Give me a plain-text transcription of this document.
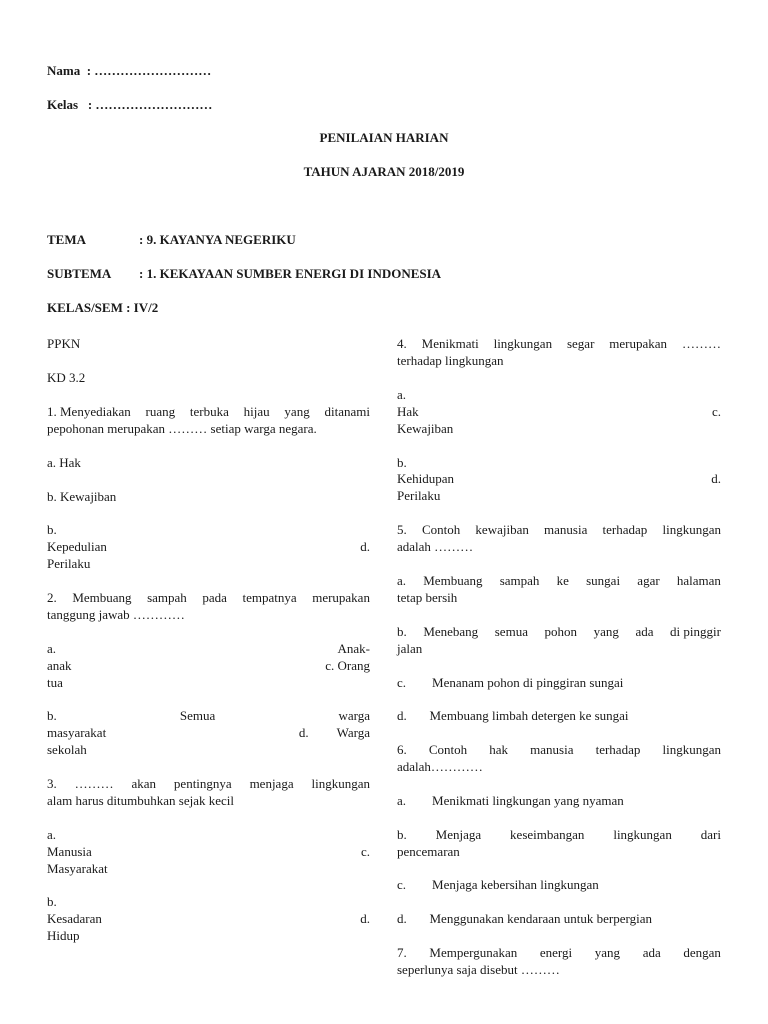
Nama : ………………………
Kelas : ………………………
PENILAIAN HARIAN
TAHUN AJARAN 2018/2019
TEMA	: 9. KAYANYA NEGERIKU
SUBTEMA : 1. KEKAYAAN SUMBER ENERGI DI INDONESIA
KELAS/SEM : IV/2
PPKN
KD 3.2
1. Menyediakan ruang terbuka hijau yang ditanami
pepohonan merupakan ……… setiap warga negara.
a. Hak
b. Kewajiban
b.
Kepedulian	d.
Perilaku
2. Membuang sampah pada tempatnya merupakan
tanggung jawab …………
a.	Anak-
anak	c. Orang
tua
b.	Semua	warga
masyarakat	d. Warga
sekolah
3. ……… akan pentingnya menjaga lingkungan
alam harus ditumbuhkan sejak kecil
a.
Manusia	c.
Masyarakat
b.
Kesadaran	d.
Hidup
4. Menikmati lingkungan segar merupakan ………
terhadap lingkungan
a.
Hak	c.
Kewajiban
b.
Kehidupan	d.
Perilaku
5. Contoh kewajiban manusia terhadap lingkungan
adalah ………
a. Membuang sampah ke sungai agar halaman
tetap bersih
b. Menebang semua pohon yang ada di pinggir
jalan
c.        Menanam pohon di pinggiran sungai
d.       Membuang limbah detergen ke sungai
6. Contoh hak manusia terhadap lingkungan
adalah…………
a.        Menikmati lingkungan yang nyaman
b. Menjaga keseimbangan lingkungan dari
pencemaran
c.        Menjaga kebersihan lingkungan
d.       Menggunakan kendaraan untuk berpergian
7. Mempergunakan energi yang ada dengan
seperlunya saja disebut ………
